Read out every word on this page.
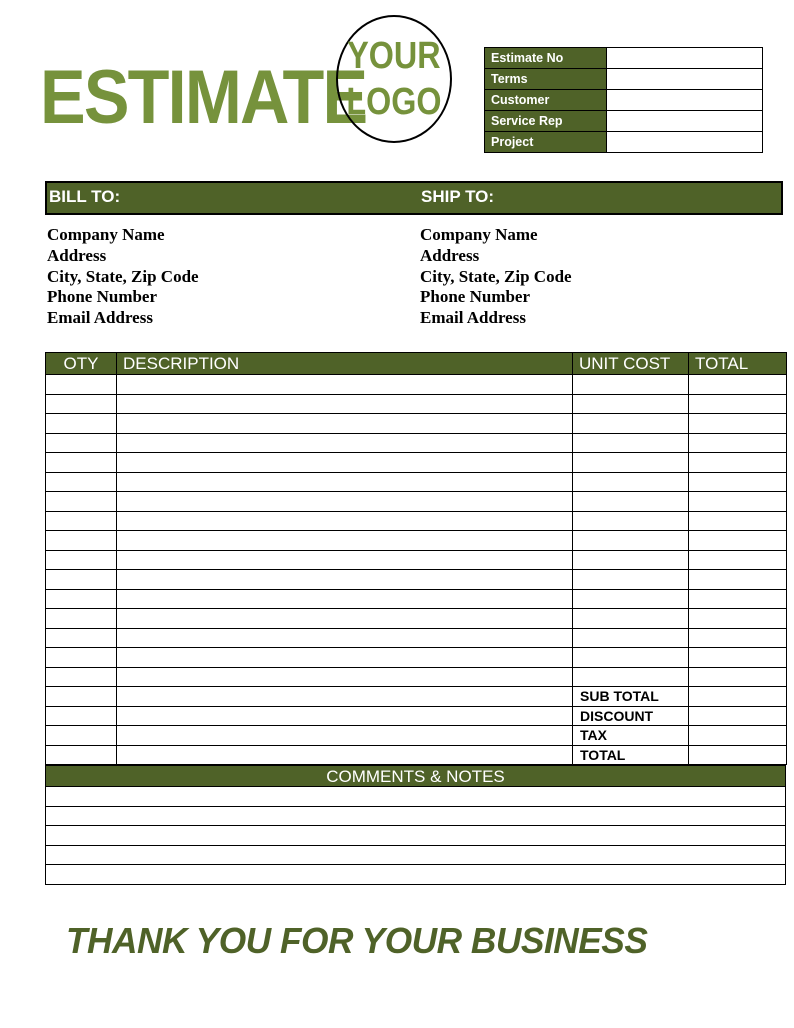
ESTIMATE
YOUR
LOGO
Estimate No	
Terms	
Customer	
Service Rep	
Project	
BILL TO:	SHIP TO:
Company Name
Address
City, State, Zip Code
Phone Number
Email Address
Company Name
Address
City, State, Zip Code
Phone Number
Email Address
OTY	DESCRIPTION	UNIT COST	TOTAL

		SUB TOTAL	
		DISCOUNT	
		TAX	
		TOTAL	
COMMENTS & NOTES

THANK YOU FOR YOUR BUSINESS
